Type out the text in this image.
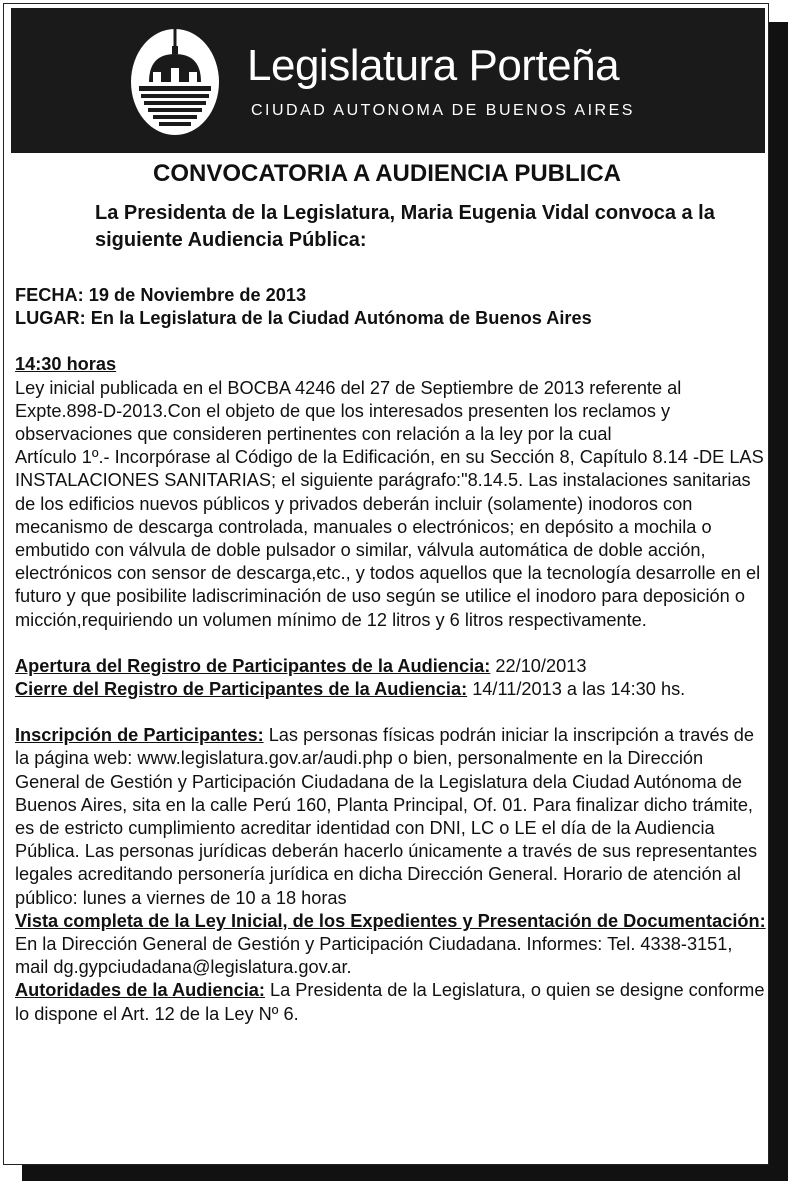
Legislatura Porteña
CIUDAD AUTONOMA DE BUENOS AIRES
CONVOCATORIA A AUDIENCIA PUBLICA
La Presidenta de la Legislatura, Maria Eugenia Vidal convoca a la siguiente Audiencia Pública:

FECHA: 19 de Noviembre de 2013

LUGAR: En la Legislatura de la Ciudad Autónoma de Buenos Aires

14:30 horas

Ley inicial publicada en el BOCBA 4246 del 27 de Septiembre de 2013 referente al Expte.898-D-2013.Con el objeto de que los interesados presenten los reclamos y observaciones que consideren pertinentes con relación a la ley por la cual

Artículo 1º.- Incorpórase al Código de la Edificación, en su Sección 8, Capítulo 8.14 -DE LAS INSTALACIONES SANITARIAS; el siguiente parágrafo:"8.14.5. Las instalaciones sanitarias de los edificios nuevos públicos y privados deberán incluir (solamente) inodoros con mecanismo de descarga controlada, manuales o electrónicos; en depósito a mochila o embutido con válvula de doble pulsador o similar, válvula automática de doble acción, electrónicos con sensor de descarga,etc., y todos aquellos que la tecnología desarrolle en el futuro y que posibilite ladiscriminación de uso según se utilice el inodoro para deposición o micción,requiriendo un volumen mínimo de 12 litros y 6 litros respectivamente.

Apertura del Registro de Participantes de la Audiencia: 22/10/2013

Cierre del Registro de Participantes de la Audiencia: 14/11/2013 a las 14:30 hs.

Inscripción de Participantes: Las personas físicas podrán iniciar la inscripción a través de la página web: www.legislatura.gov.ar/audi.php o bien, personalmente en la Dirección General de Gestión y Participación Ciudadana de la Legislatura dela Ciudad Autónoma de Buenos Aires, sita en la calle Perú 160, Planta Principal, Of. 01. Para finalizar dicho trámite, es de estricto cumplimiento acreditar identidad con DNI, LC o LE el día de la Audiencia Pública. Las personas jurídicas deberán hacerlo únicamente a través de sus representantes legales acreditando personería jurídica en dicha Dirección General. Horario de atención al público: lunes a viernes de 10 a 18 horas

Vista completa de la Ley Inicial, de los Expedientes y Presentación de Documentación: En la Dirección General de Gestión y Participación Ciudadana. Informes: Tel. 4338-3151,

mail dg.gypciudadana@legislatura.gov.ar.

Autoridades de la Audiencia: La Presidenta de la Legislatura, o quien se designe conforme lo dispone el Art. 12 de la Ley Nº 6.
